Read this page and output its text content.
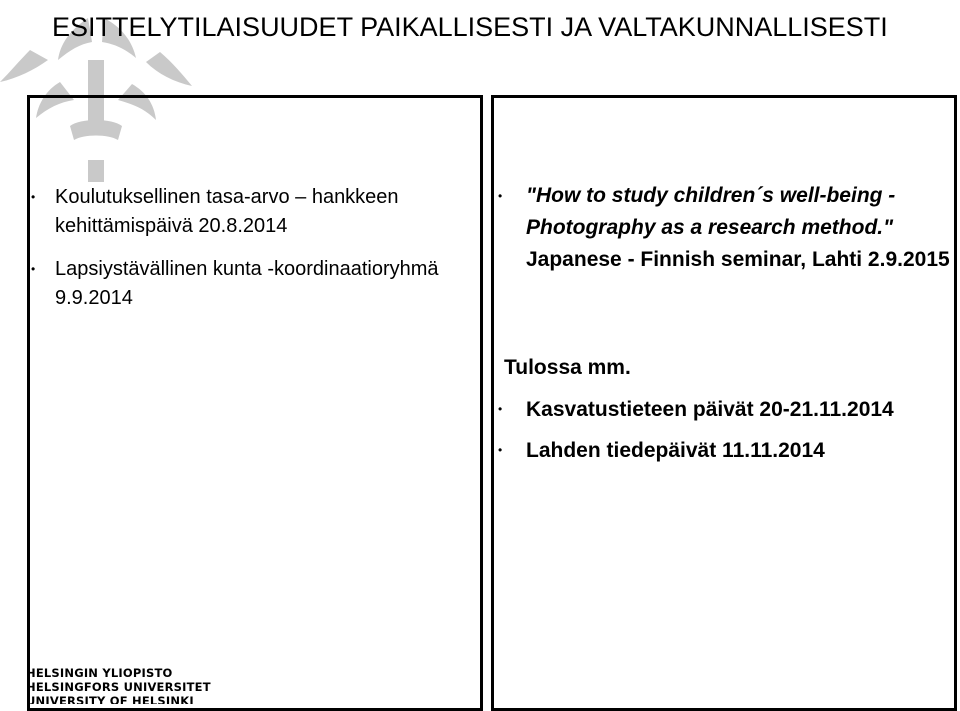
ESITTELYTILAISUUDET PAIKALLISESTI JA VALTAKUNNALLISESTI
• Koulutuksellinen tasa-arvo – hankkeen kehittämispäivä 20.8.2014
• Lapsiystävällinen kunta -koordinaatioryhmä 9.9.2014
• "How to study children´s well-being - Photography as a research method." Japanese - Finnish seminar, Lahti 2.9.2015
Tulossa mm.
• Kasvatustieteen päivät 20-21.11.2014
• Lahden tiedepäivät 11.11.2014
HELSINGIN YLIOPISTO
HELSINGFORS UNIVERSITET
UNIVERSITY OF HELSINKI
